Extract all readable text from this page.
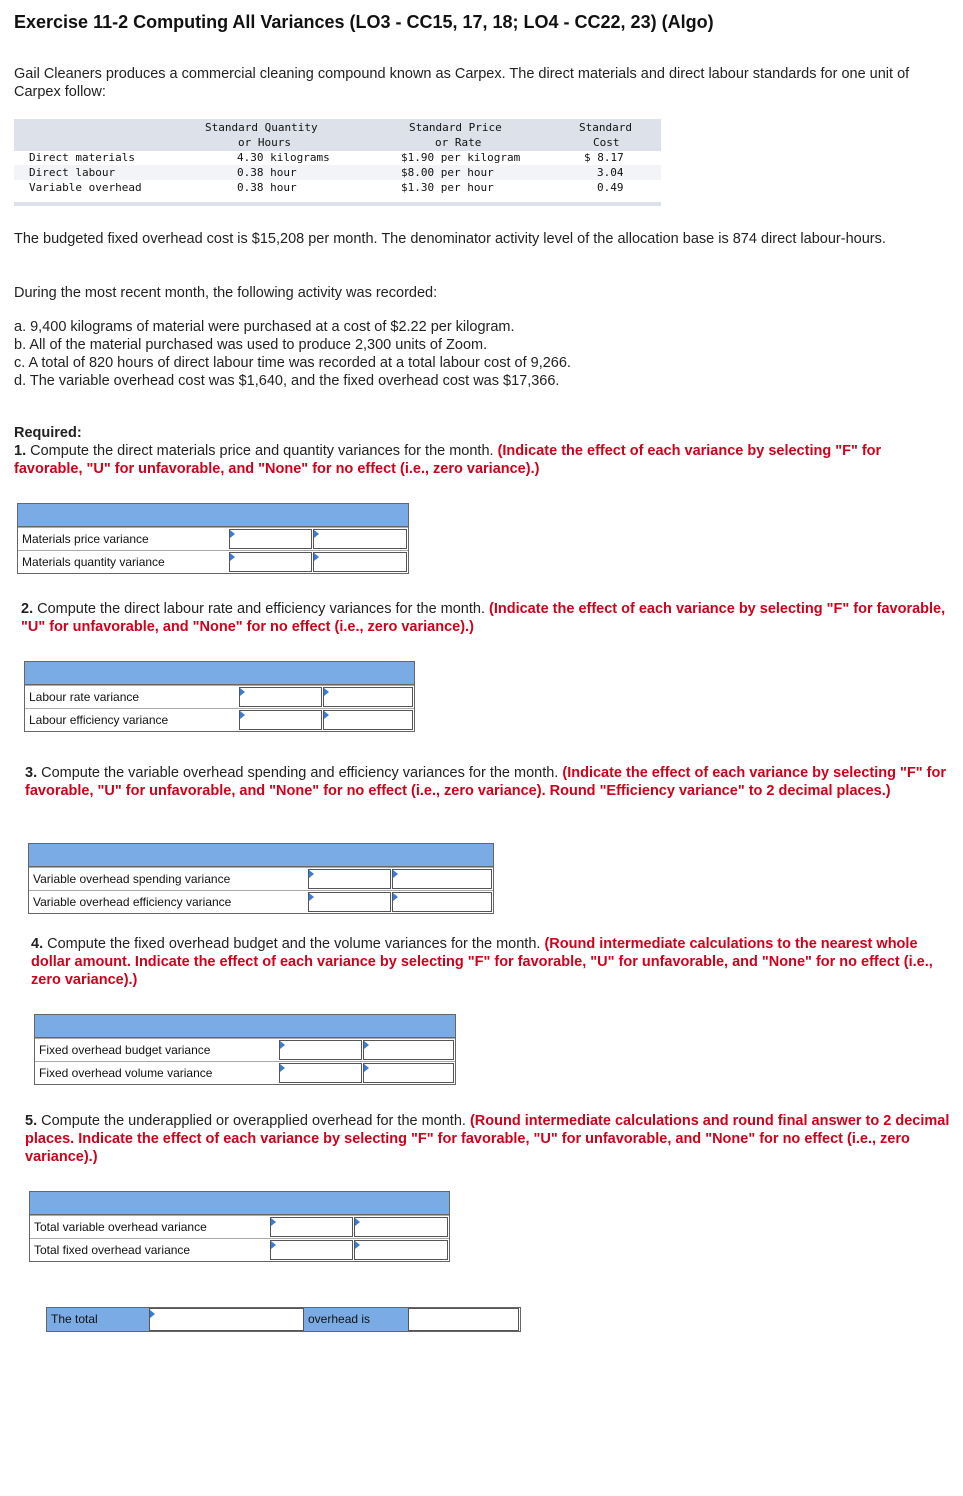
Exercise 11-2 Computing All Variances (LO3 - CC15, 17, 18; LO4 - CC22, 23) (Algo)

Gail Cleaners produces a commercial cleaning compound known as Carpex. The direct materials and direct labour standards for one unit of Carpex follow:

Standard Quantity
or Hours
Standard Price
or Rate
Standard
Cost
Direct materials	4.30 kilograms	$1.90 per kilogram	$ 8.17
Direct labour	0.38 hour	$8.00 per hour	3.04
Variable overhead	0.38 hour	$1.30 per hour	0.49

The budgeted fixed overhead cost is $15,208 per month. The denominator activity level of the allocation base is 874 direct labour-hours.

During the most recent month, the following activity was recorded:

a. 9,400 kilograms of material were purchased at a cost of $2.22 per kilogram.

b. All of the material purchased was used to produce 2,300 units of Zoom.

c. A total of 820 hours of direct labour time was recorded at a total labour cost of 9,266.

d. The variable overhead cost was $1,640, and the fixed overhead cost was $17,366.

Required:

1. Compute the direct materials price and quantity variances for the month. (Indicate the effect of each variance by selecting "F" for favorable, "U" for unfavorable, and "None" for no effect (i.e., zero variance).)

Materials price variance
Materials quantity variance

2. Compute the direct labour rate and efficiency variances for the month. (Indicate the effect of each variance by selecting "F" for favorable, "U" for unfavorable, and "None" for no effect (i.e., zero variance).)

Labour rate variance
Labour efficiency variance

3. Compute the variable overhead spending and efficiency variances for the month. (Indicate the effect of each variance by selecting "F" for favorable, "U" for unfavorable, and "None" for no effect (i.e., zero variance). Round "Efficiency variance" to 2 decimal places.)

Variable overhead spending variance
Variable overhead efficiency variance

4. Compute the fixed overhead budget and the volume variances for the month. (Round intermediate calculations to the nearest whole dollar amount. Indicate the effect of each variance by selecting "F" for favorable, "U" for unfavorable, and "None" for no effect (i.e., zero variance).)

Fixed overhead budget variance
Fixed overhead volume variance

5. Compute the underapplied or overapplied overhead for the month. (Round intermediate calculations and round final answer to 2 decimal places. Indicate the effect of each variance by selecting "F" for favorable, "U" for unfavorable, and "None" for no effect (i.e., zero variance).)

Total variable overhead variance
Total fixed overhead variance
The total	overhead is
